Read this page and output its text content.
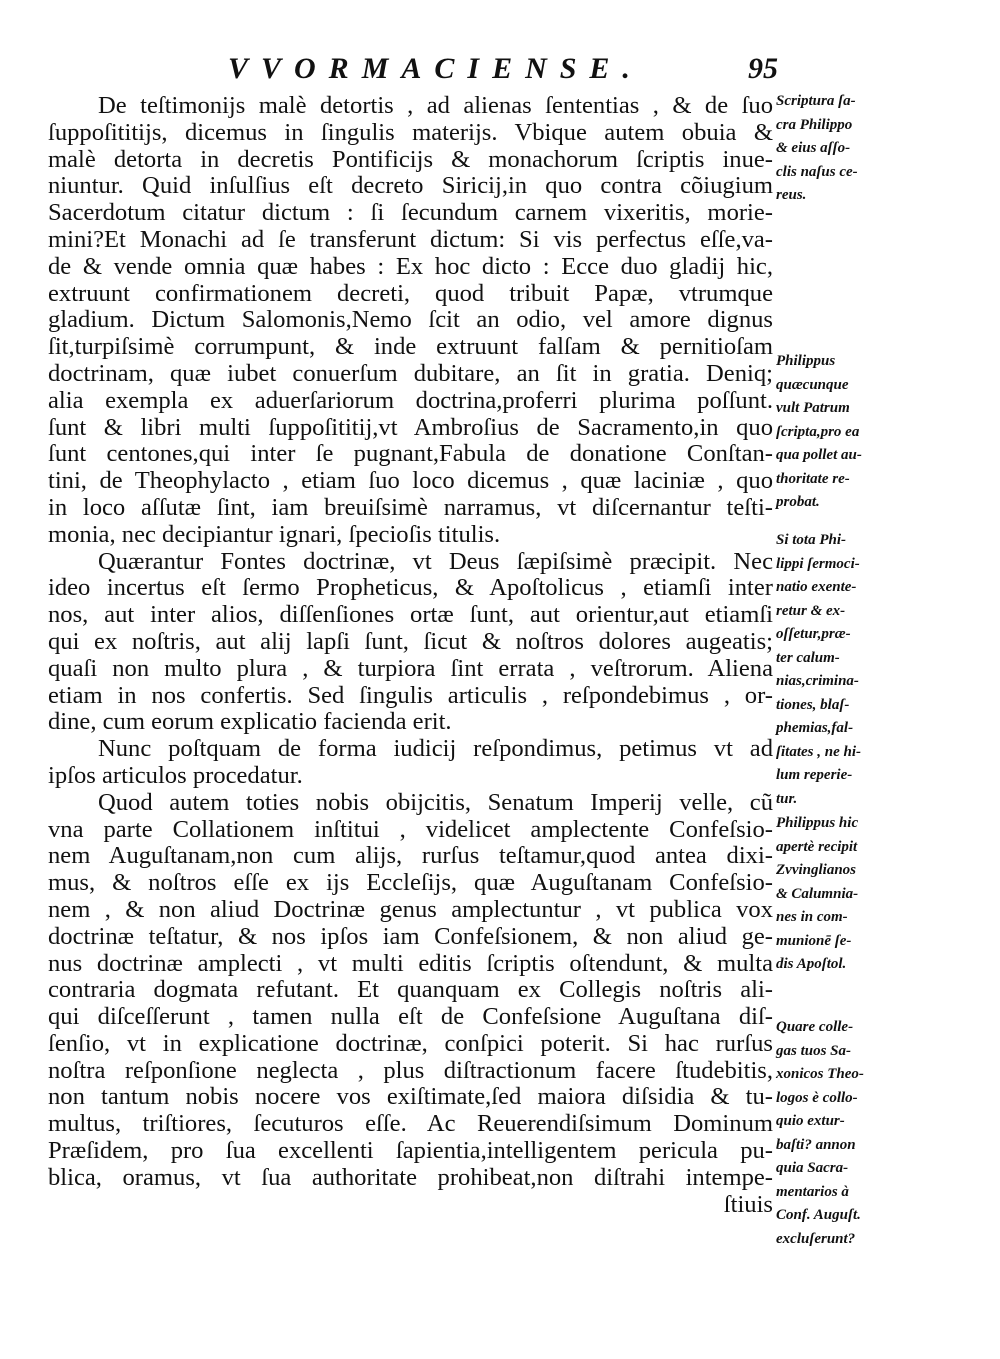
VVORMACIENSE.	95

De teſtimonijs malè detortis , ad alienas ſententias , & de ſuo

ſuppoſititijs, dicemus in ſingulis materijs. Vbique autem obuia &

malè detorta in decretis Pontificijs & monachorum ſcriptis inue-

niuntur. Quid inſulſius eſt decreto Siricij,in quo contra cõiugium

Sacerdotum citatur dictum : ſi ſecundum carnem vixeritis, morie-

mini?Et Monachi ad ſe transferunt dictum: Si vis perfectus eſſe,va-

de & vende omnia quæ habes : Ex hoc dicto : Ecce duo gladij hic,

extruunt confirmationem decreti, quod tribuit Papæ, vtrumque

gladium. Dictum Salomonis,Nemo ſcit an odio, vel amore dignus

ſit,turpiſsimè corrumpunt, & inde extruunt falſam & pernitioſam

doctrinam, quæ iubet conuerſum dubitare, an ſit in gratia. Deniq;

alia exempla ex aduerſariorum doctrina,proferri plurima poſſunt.

ſunt & libri multi ſuppoſititij,vt Ambroſius de Sacramento,in quo

ſunt centones,qui inter ſe pugnant,Fabula de donatione Conſtan-

tini, de Theophylacto , etiam ſuo loco dicemus , quæ laciniæ , quo

in loco aſſutæ ſint, iam breuiſsimè narramus, vt diſcernantur teſti-

monia, nec decipiantur ignari, ſpecioſis titulis.

Quærantur Fontes doctrinæ, vt Deus ſæpiſsimè præcipit. Nec

ideo incertus eſt ſermo Propheticus, & Apoſtolicus , etiamſi inter

nos, aut inter alios, diſſenſiones ortæ ſunt, aut orientur,aut etiamſi

qui ex noſtris, aut alij lapſi ſunt, ſicut & noſtros dolores augeatis;

quaſi non multo plura , & turpiora ſint errata , veſtrorum. Aliena

etiam in nos confertis. Sed ſingulis articulis , reſpondebimus , or-

dine, cum eorum explicatio facienda erit.

Nunc poſtquam de forma iudicij reſpondimus, petimus vt ad

ipſos articulos procedatur.

Quod autem toties nobis obijcitis, Senatum Imperij velle, cũ

vna parte Collationem inſtitui , videlicet amplectente Confeſsio-

nem Auguſtanam,non cum alijs, rurſus teſtamur,quod antea dixi-

mus, & noſtros eſſe ex ijs Eccleſijs, quæ Auguſtanam Confeſsio-

nem , & non aliud Doctrinæ genus amplectuntur , vt publica vox

doctrinæ teſtatur, & nos ipſos iam Confeſsionem, & non aliud ge-

nus doctrinæ amplecti , vt multi editis ſcriptis oſtendunt, & multa

contraria dogmata refutant. Et quanquam ex Collegis noſtris ali-

qui diſceſſerunt , tamen nulla eſt de Confeſsione Auguſtana diſ-

ſenſio, vt in explicatione doctrinæ, conſpici poterit. Si hac rurſus

noſtra reſponſione neglecta , plus diſtractionum facere ſtudebitis,

non tantum nobis nocere vos exiſtimate,ſed maiora diſsidia & tu-

multus, triſtiores, ſecuturos eſſe. Ac Reuerendiſsimum Dominum

Præſidem, pro ſua excellenti ſapientia,intelligentem pericula pu-

blica, oramus, vt ſua authoritate prohibeat,non diſtrahi intempe-

ſtiuis

Scriptura ſa-
cra Philippo
& eius aſſo-
clis naſus ce-
reus.
Philippus
quæcunque
vult Patrum
ſcripta,pro ea
qua pollet au-
thoritate re-
probat.
Si tota Phi-
lippi ſermoci-
natio exente-
retur & ex-
oſſetur,præ-
ter calum-
nias,crimina-
tiones, blaſ-
phemias,fal-
ſitates , ne hi-
lum reperie-
tur.
Philippus hic
apertè recipit
Zvvinglianos
& Calumnia-
nes in com-
munionē ſe-
dis Apoſtol.
Quare colle-
gas tuos Sa-
xonicos Theo-
logos è collo-
quio extur-
baſti? annon
quia Sacra-
mentarios à
Conf. Auguſt.
excluſerunt?
